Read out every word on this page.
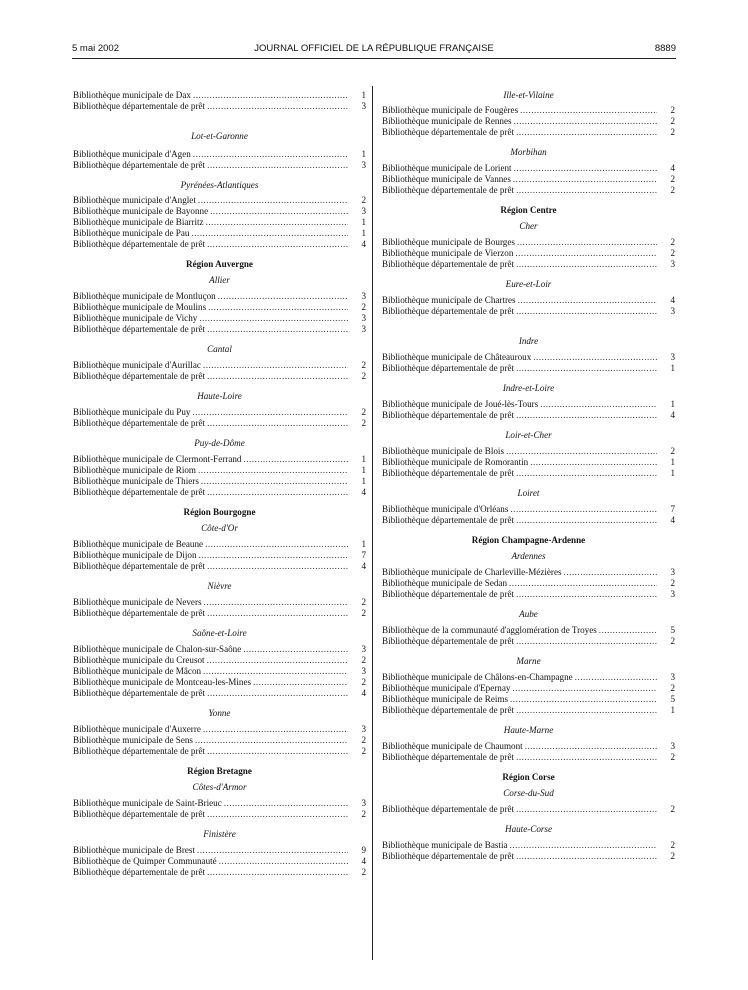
5 mai 2002	JOURNAL OFFICIEL DE LA RÉPUBLIQUE FRANÇAISE	8889
Bibliothèque municipale de Dax .....	1
Bibliothèque départementale de prêt .....	3
Lot-et-Garonne
Bibliothèque municipale d'Agen .....	1
Bibliothèque départementale de prêt .....	3
Pyrénées-Atlantiques
Bibliothèque municipale d'Anglet .....	2
Bibliothèque municipale de Bayonne .....	3
Bibliothèque municipale de Biarritz .....	1
Bibliothèque municipale de Pau .....	1
Bibliothèque départementale de prêt .....	4
Région Auvergne
Allier
Bibliothèque municipale de Montluçon .....	3
Bibliothèque municipale de Moulins .....	2
Bibliothèque municipale de Vichy .....	3
Bibliothèque départementale de prêt .....	3
Cantal
Bibliothèque municipale d'Aurillac .....	2
Bibliothèque départementale de prêt .....	2
Haute-Loire
Bibliothèque municipale du Puy .....	2
Bibliothèque départementale de prêt .....	2
Puy-de-Dôme
Bibliothèque municipale de Clermont-Ferrand .....	1
Bibliothèque municipale de Riom .....	1
Bibliothèque municipale de Thiers .....	1
Bibliothèque départementale de prêt .....	4
Région Bourgogne
Côte-d'Or
Bibliothèque municipale de Beaune .....	1
Bibliothèque municipale de Dijon .....	7
Bibliothèque départementale de prêt .....	4
Nièvre
Bibliothèque municipale de Nevers .....	2
Bibliothèque départementale de prêt .....	2
Saône-et-Loire
Bibliothèque municipale de Chalon-sur-Saône .....	3
Bibliothèque municipale du Creusot .....	2
Bibliothèque municipale de Mâcon .....	3
Bibliothèque municipale de Montceau-les-Mines .....	2
Bibliothèque départementale de prêt .....	4
Yonne
Bibliothèque municipale d'Auxerre .....	3
Bibliothèque municipale de Sens .....	2
Bibliothèque départementale de prêt .....	2
Région Bretagne
Côtes-d'Armor
Bibliothèque municipale de Saint-Brieuc .....	3
Bibliothèque départementale de prêt .....	2
Finistère
Bibliothèque municipale de Brest .....	9
Bibliothèque de Quimper Communauté .....	4
Bibliothèque départementale de prêt .....	2
Ille-et-Vilaine
Bibliothèque municipale de Fougères .....	2
Bibliothèque municipale de Rennes .....	2
Bibliothèque départementale de prêt .....	2
Morbihan
Bibliothèque municipale de Lorient .....	4
Bibliothèque municipale de Vannes .....	2
Bibliothèque départementale de prêt .....	2
Région Centre
Cher
Bibliothèque municipale de Bourges .....	2
Bibliothèque municipale de Vierzon .....	2
Bibliothèque départementale de prêt .....	3
Eure-et-Loir
Bibliothèque municipale de Chartres .....	4
Bibliothèque départementale de prêt .....	3
Indre
Bibliothèque municipale de Châteauroux .....	3
Bibliothèque départementale de prêt .....	1
Indre-et-Loire
Bibliothèque municipale de Joué-lès-Tours .....	1
Bibliothèque départementale de prêt .....	4
Loir-et-Cher
Bibliothèque municipale de Blois .....	2
Bibliothèque municipale de Romorantin .....	1
Bibliothèque départementale de prêt .....	1
Loiret
Bibliothèque municipale d'Orléans .....	7
Bibliothèque départementale de prêt .....	4
Région Champagne-Ardenne
Ardennes
Bibliothèque municipale de Charleville-Mézières .....	3
Bibliothèque municipale de Sedan .....	2
Bibliothèque départementale de prêt .....	3
Aube
Bibliothèque de la communauté d'agglomération de Troyes .....	5
Bibliothèque départementale de prêt .....	2
Marne
Bibliothèque municipale de Châlons-en-Champagne .....	3
Bibliothèque municipale d'Epernay .....	2
Bibliothèque municipale de Reims .....	5
Bibliothèque départementale de prêt .....	1
Haute-Marne
Bibliothèque municipale de Chaumont .....	3
Bibliothèque départementale de prêt .....	2
Région Corse
Corse-du-Sud
Bibliothèque départementale de prêt .....	2
Haute-Corse
Bibliothèque municipale de Bastia .....	2
Bibliothèque départementale de prêt .....	2
